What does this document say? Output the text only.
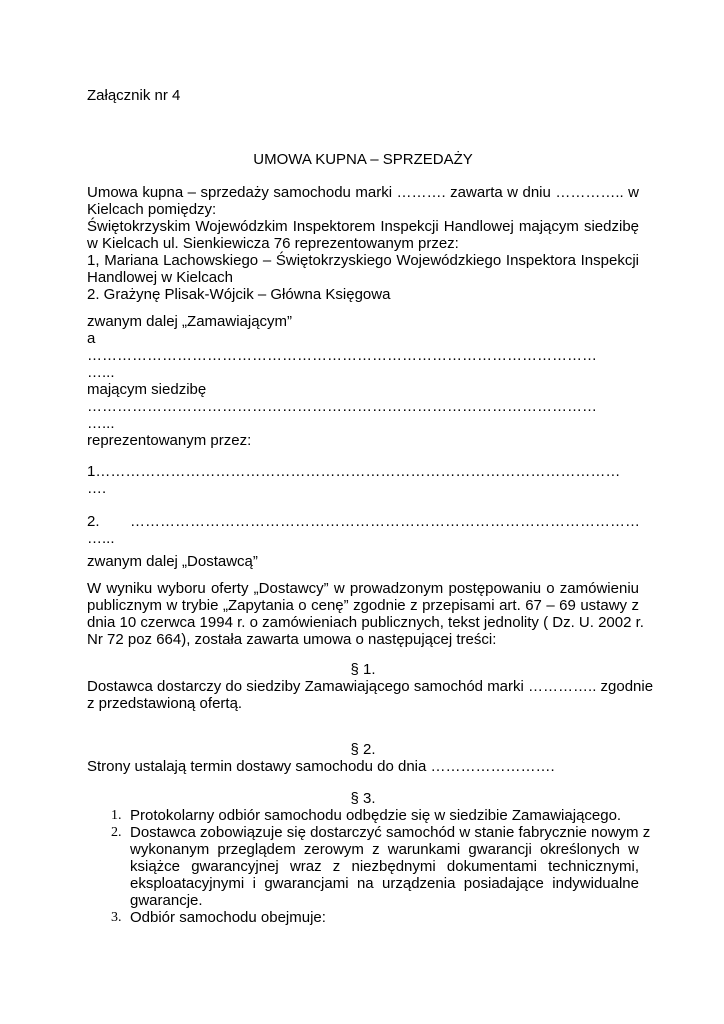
Załącznik nr 4
UMOWA KUPNA – SPRZEDAŻY
Umowa kupna – sprzedaży samochodu marki ………. zawarta w dniu ………….. w
Kielcach pomiędzy:
Świętokrzyskim Wojewódzkim Inspektorem Inspekcji Handlowej mającym siedzibę
w Kielcach ul. Sienkiewicza 76 reprezentowanym przez:
1, Mariana Lachowskiego – Świętokrzyskiego Wojewódzkiego Inspektora Inspekcji
Handlowej w Kielcach
2. Grażynę Plisak-Wójcik – Główna Księgowa
zwanym dalej „Zamawiającym”
a
…………………………………………………………………………………………
…...
mającym siedzibę
…………………………………………………………………………………………
…...
reprezentowanym przez:
1……………………………………………………………………………………………
….
2. …………………………………………………………………………………………
…...
zwanym dalej „Dostawcą”
W wyniku wyboru oferty „Dostawcy” w prowadzonym postępowaniu o zamówieniu
publicznym w trybie „Zapytania o cenę” zgodnie z przepisami art. 67 – 69 ustawy z
dnia 10 czerwca 1994 r. o zamówieniach publicznych, tekst jednolity ( Dz. U. 2002 r.
Nr 72 poz 664), została zawarta umowa o następującej treści:
§ 1.
Dostawca dostarczy do siedziby Zamawiającego samochód marki ………….. zgodnie
z przedstawioną ofertą.
§ 2.
Strony ustalają termin dostawy samochodu do dnia …………………….
§ 3.
1. Protokolarny odbiór samochodu odbędzie się w siedzibie Zamawiającego.
2. Dostawca zobowiązuje się dostarczyć samochód w stanie fabrycznie nowym z
wykonanym przeglądem zerowym z warunkami gwarancji określonych w
książce gwarancyjnej wraz z niezbędnymi dokumentami technicznymi,
eksploatacyjnymi i gwarancjami na urządzenia posiadające indywidualne
gwarancje.
3. Odbiór samochodu obejmuje:
